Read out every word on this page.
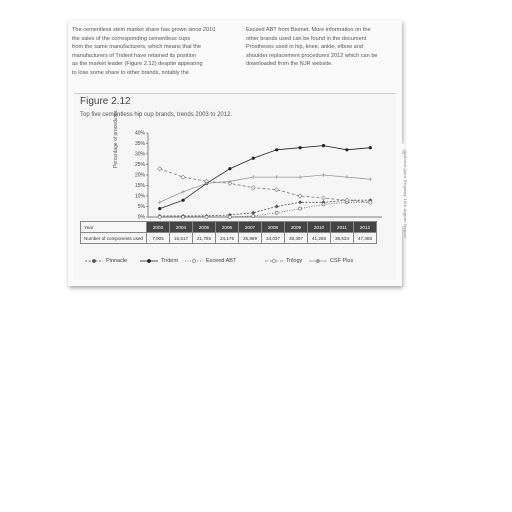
National Joint Registry 10th Annual Report
The cementless stem market share has grown since 2010
the sales of the corresponding cementless cups
from the same manufacturers, which means that the
manufacturers of Trident have retained its position
as the market leader (Figure 2.12) despite appearing
to lose some share to other brands, notably the
Exceed ABT from Biomet. More information on the
other brands used can be found in the document
Prostheses used in hip, knee, ankle, elbow and
shoulder replacement procedures 2012 which can be
downloaded from the NJR website.
Figure 2.12
Top five cementless hip cup brands, trends 2003 to 2012.
40%
35%
30%
25%
20%
15%
10%
5%
0%
Percentage of procedures
Year	2003	2004	2005	2006	2007	2008	2009	2010	2011	2012
Number of components used	7,905	16,617	21,765	24,175	25,889	34,037	38,397	41,268	38,534	47,388
Pinnacle	Trident	Exceed ABT	Trilogy	CSF Plus
